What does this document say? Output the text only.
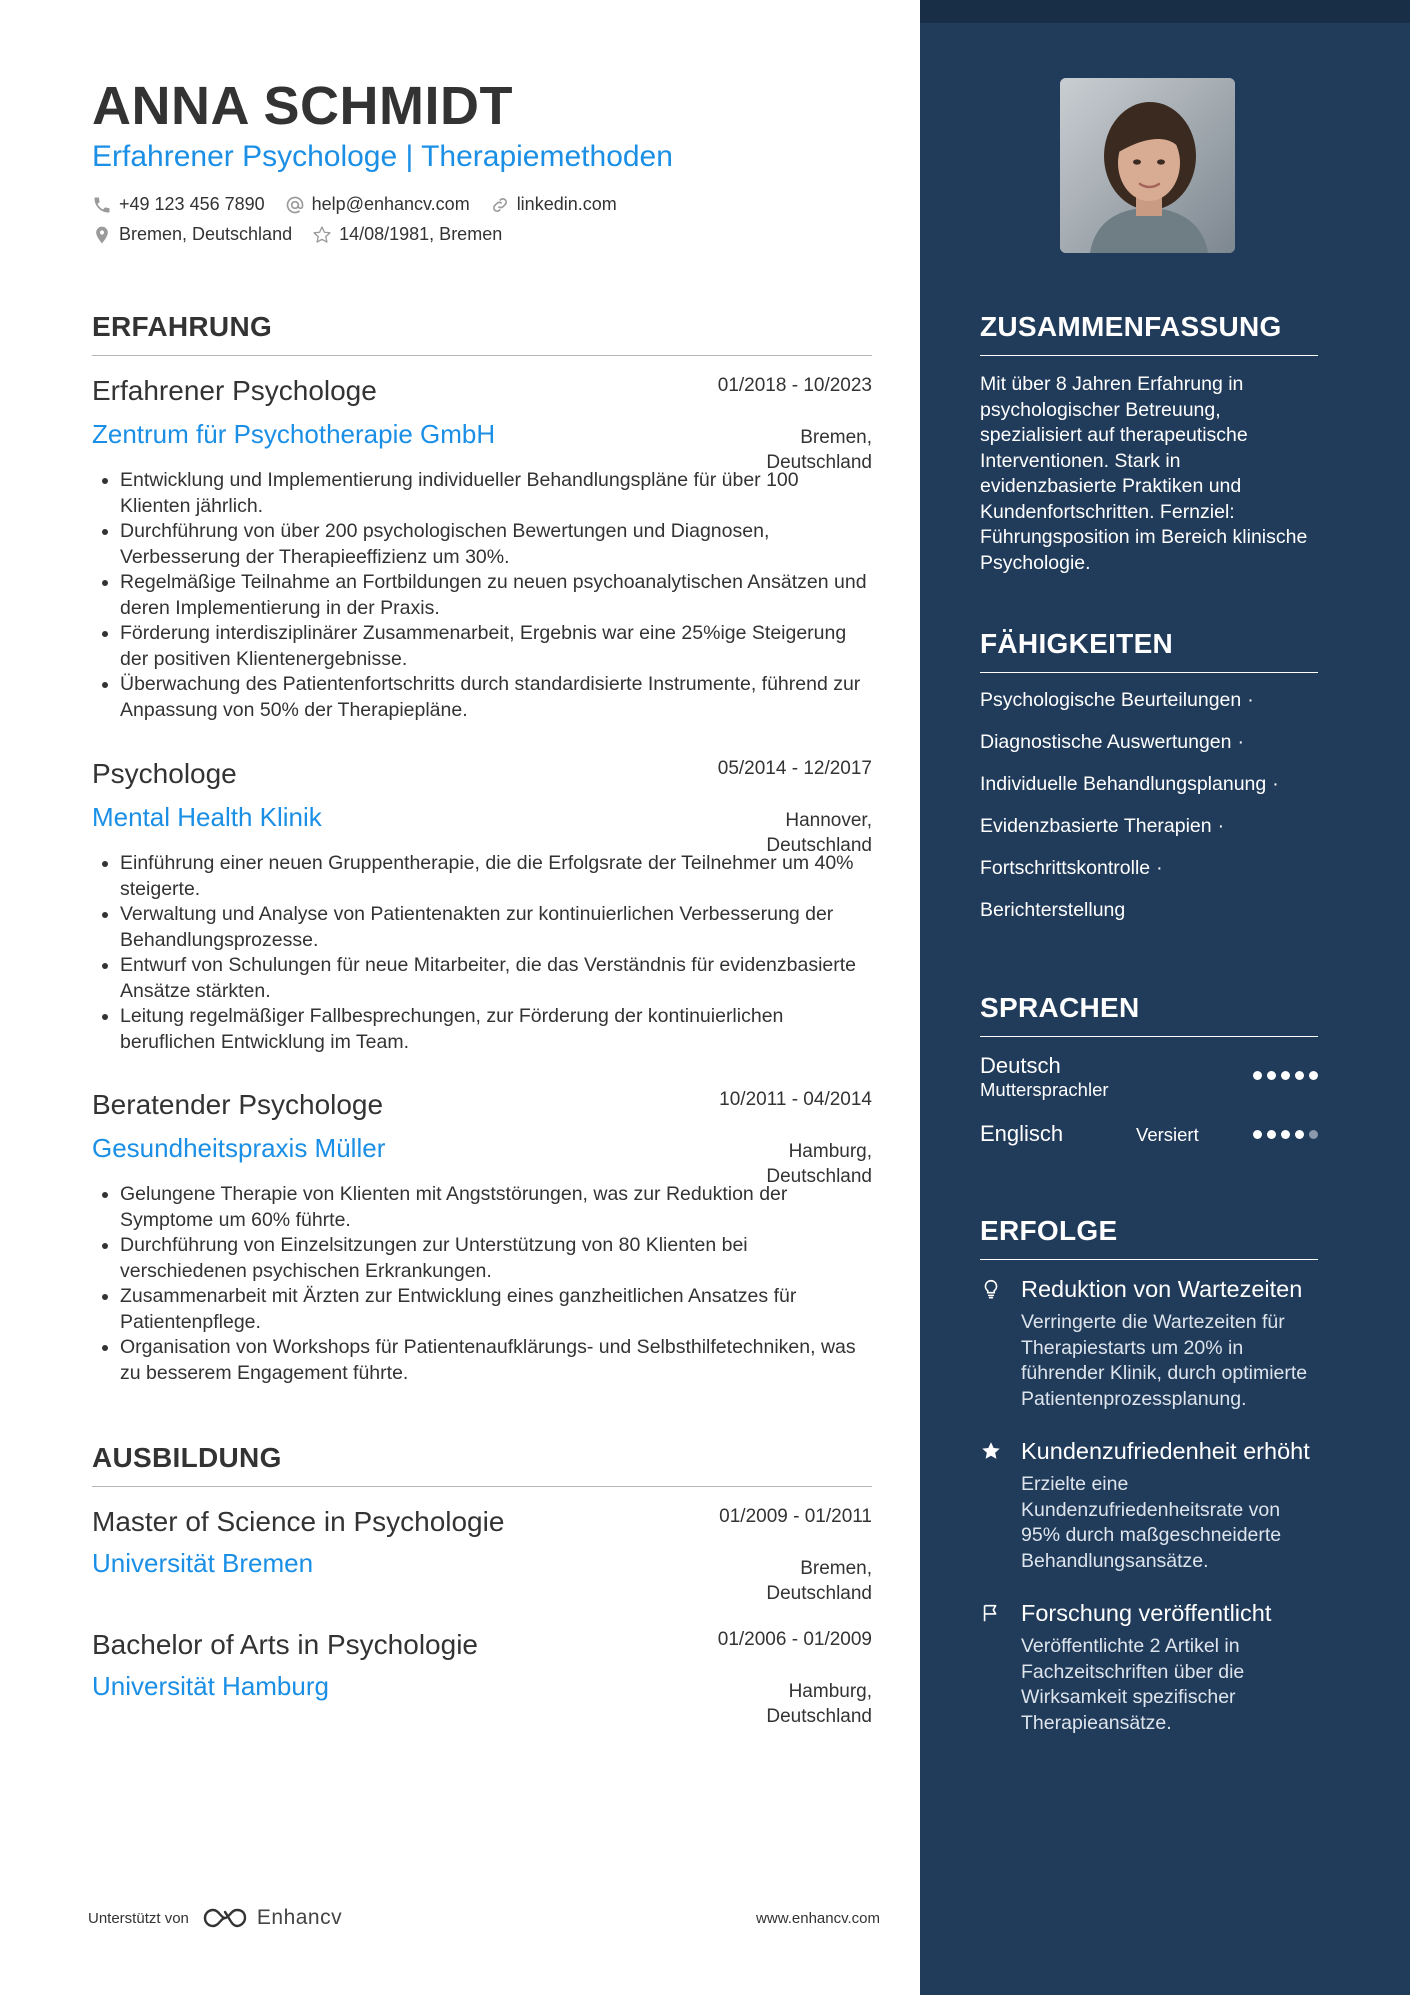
ANNA SCHMIDT
Erfahrener Psychologe | Therapiemethoden
+49 123 456 7890	help@enhancv.com	linkedin.com
Bremen, Deutschland	14/08/1981, Bremen
ERFAHRUNG
Erfahrener Psychologe	01/2018 - 10/2023
Zentrum für Psychotherapie GmbH	Bremen,
Deutschland
• Entwicklung und Implementierung individueller Behandlungspläne für über 100 Klienten jährlich.
• Durchführung von über 200 psychologischen Bewertungen und Diagnosen, Verbesserung der Therapieeffizienz um 30%.
• Regelmäßige Teilnahme an Fortbildungen zu neuen psychoanalytischen Ansätzen und deren Implementierung in der Praxis.
• Förderung interdisziplinärer Zusammenarbeit, Ergebnis war eine 25%ige Steigerung der positiven Klientenergebnisse.
• Überwachung des Patientenfortschritts durch standardisierte Instrumente, führend zur Anpassung von 50% der Therapiepläne.
Psychologe	05/2014 - 12/2017
Mental Health Klinik	Hannover,
Deutschland
• Einführung einer neuen Gruppentherapie, die die Erfolgsrate der Teilnehmer um 40% steigerte.
• Verwaltung und Analyse von Patientenakten zur kontinuierlichen Verbesserung der Behandlungsprozesse.
• Entwurf von Schulungen für neue Mitarbeiter, die das Verständnis für evidenzbasierte Ansätze stärkten.
• Leitung regelmäßiger Fallbesprechungen, zur Förderung der kontinuierlichen beruflichen Entwicklung im Team.
Beratender Psychologe	10/2011 - 04/2014
Gesundheitspraxis Müller	Hamburg,
Deutschland
• Gelungene Therapie von Klienten mit Angststörungen, was zur Reduktion der Symptome um 60% führte.
• Durchführung von Einzelsitzungen zur Unterstützung von 80 Klienten bei verschiedenen psychischen Erkrankungen.
• Zusammenarbeit mit Ärzten zur Entwicklung eines ganzheitlichen Ansatzes für Patientenpflege.
• Organisation von Workshops für Patientenaufklärungs- und Selbsthilfetechniken, was zu besserem Engagement führte.
AUSBILDUNG
Master of Science in Psychologie	01/2009 - 01/2011
Universität Bremen	Bremen,
Deutschland
Bachelor of Arts in Psychologie	01/2006 - 01/2009
Universität Hamburg	Hamburg,
Deutschland
Unterstützt von	Enhancv	www.enhancv.com
ZUSAMMENFASSUNG

Mit über 8 Jahren Erfahrung in psychologischer Betreuung, spezialisiert auf therapeutische Interventionen. Stark in evidenzbasierte Praktiken und Kundenfortschritten. Fernziel: Führungsposition im Bereich klinische Psychologie.

FÄHIGKEITEN
Psychologische Beurteilungen ·
Diagnostische Auswertungen ·
Individuelle Behandlungsplanung ·
Evidenzbasierte Therapien ·
Fortschrittskontrolle ·
Berichterstellung
SPRACHEN
Deutsch
Muttersprachler
Englisch	Versiert
ERFOLGE
Reduktion von Wartezeiten
Verringerte die Wartezeiten für Therapiestarts um 20% in führender Klinik, durch optimierte Patientenprozessplanung.
Kundenzufriedenheit erhöht
Erzielte eine Kundenzufriedenheitsrate von 95% durch maßgeschneiderte Behandlungsansätze.
Forschung veröffentlicht
Veröffentlichte 2 Artikel in Fachzeitschriften über die Wirksamkeit spezifischer Therapieansätze.
